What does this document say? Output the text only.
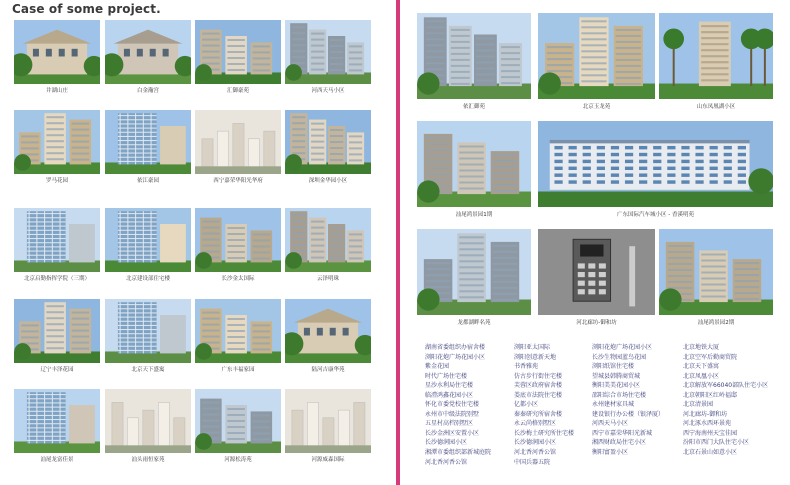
Case of some project.
井湖山庄	白金瀚宫	汇御豪苑	河西天马小区
罗马花园	依江豪园	西宁嘉荣华阳光华府	深圳金华园小区
北京启勤指挥学院（三期）	北京建设部住宅楼	长沙金太国际	云泽明珠
辽宁丰泽花园	北京天下盛寓	广东丰福家园	陆河吉康华苑
汕尾龙富佳景	汕头雨恒家苑	河源松涛苑	河源威森国际
依汇御苑	北京玉龙苑	山东凤凰湖小区
汕尾鸿景园1期	广东国际汽车城小区 - 香溪明苑
龙都湖畔名苑	河北廊坊-御和坊	汕尾鸿景园2期
湖南省委组织办宿舍楼
浏阳花炮广场花园小区
紫金花园
时代广场住宅楼
星沙水利局住宅楼
临澧鸿鑫花园小区
怀化市委党校住宅楼
永州市中级法院别墅
五星村高档别墅区
长沙金洲区安置小区
长沙德润园小区
湘潭市委组织部新城庭院
河北香河香公馆
浏阳亚太国际
浏阳创意新天地
书香雅苑
仿古步行街住宅楼
芙蓉区政府宿舍楼
娄底市法院住宅楼
亿都小区
秦秦研究所宿舍楼
永云尚格别墅区
长沙梅土研究所住宅楼
长沙德润园小区
河北香河香公馆
中国兵器五院
浏阳花炮广场花园小区
长沙生物园蓝鸟花园
浏阳纸馆住宅楼
望城县韩腾商贸城
衡阳美美花园小区
邵阳综合市场住宅楼
永州建材家具城
建设银行办公楼（银泽厦）
河西天马小区
西宁市嘉荣华阳光新城
湘西财政局住宅小区
衡阳富盈小区
北京地铁大厦
北京空军后勤商贸院
北京天下盛寓
北京凤凰小区
北京解放军66040部队住宅小区
北京朝阳区红岭福邸
北京清景园
河北廊坊-御和坊
河北涿水西环景苑
西宁海南州天宝佳园
汾阳市西门大队住宅小区
北京石景山如意小区
